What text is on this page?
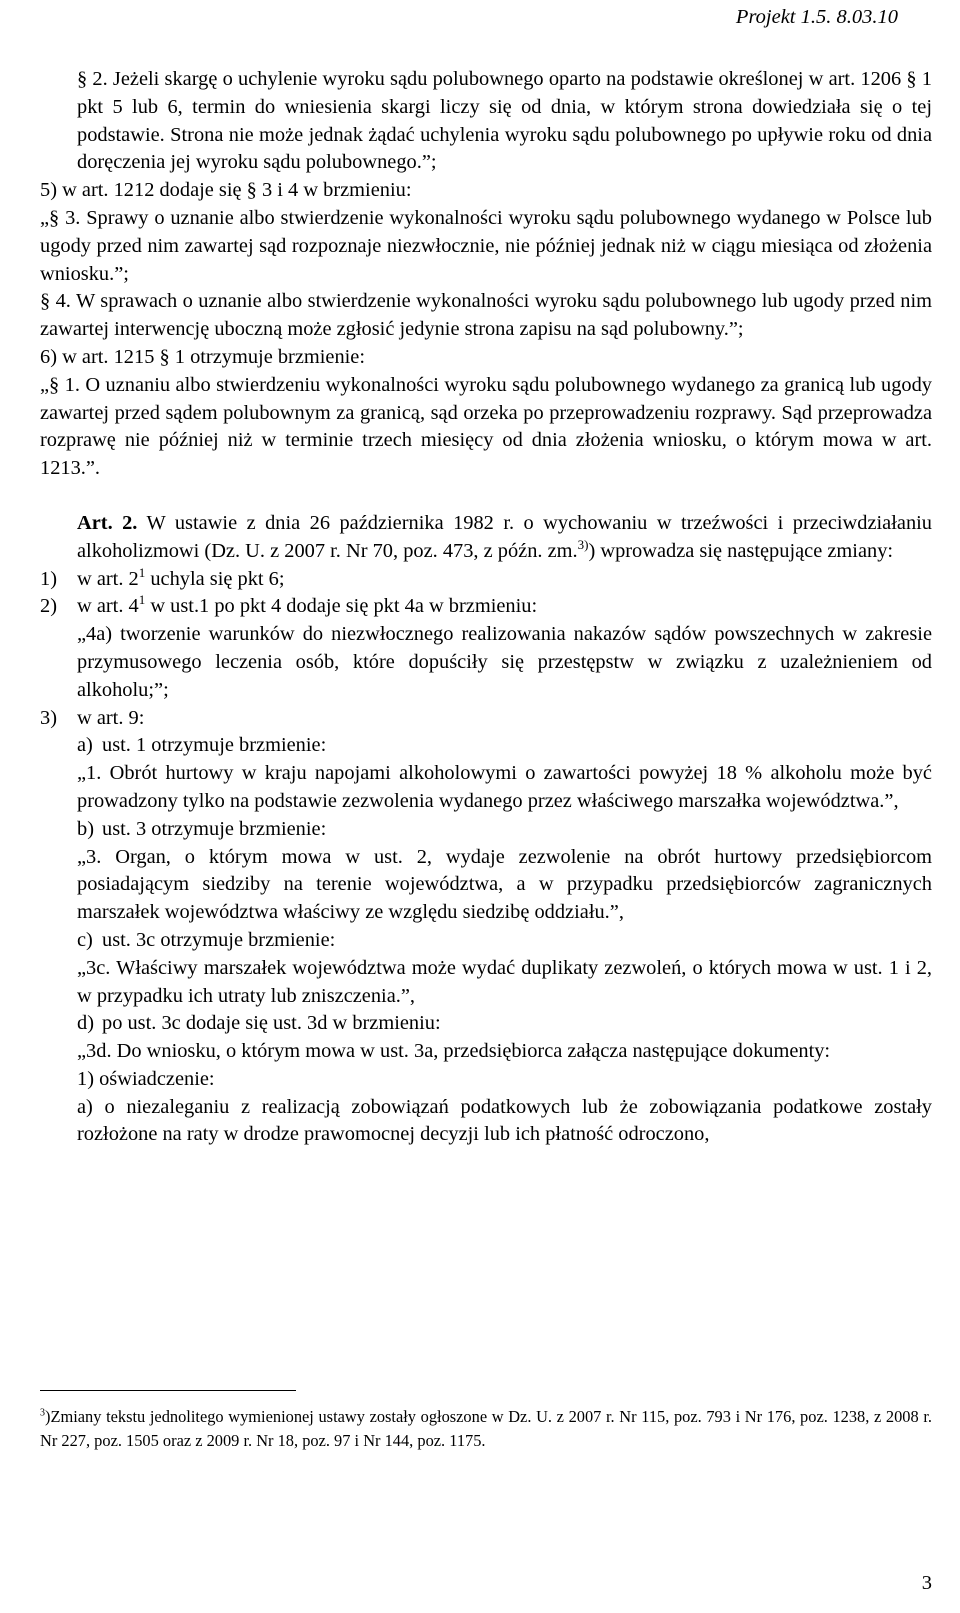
Projekt 1.5. 8.03.10

§ 2. Jeżeli skargę o uchylenie wyroku sądu polubownego oparto na podstawie określonej w art. 1206 § 1 pkt 5 lub 6, termin do wniesienia skargi liczy się od dnia, w którym strona dowiedziała się o tej podstawie. Strona nie może jednak żądać uchylenia wyroku sądu polubownego po upływie roku od dnia doręczenia jej wyroku sądu polubownego.”;

5) w art. 1212 dodaje się § 3 i 4 w brzmieniu:

„§ 3. Sprawy o uznanie albo stwierdzenie wykonalności wyroku sądu polubownego wydanego w Polsce lub ugody przed nim zawartej sąd rozpoznaje niezwłocznie, nie później jednak niż w ciągu miesiąca od złożenia wniosku.”;

§ 4. W sprawach o uznanie albo stwierdzenie wykonalności wyroku sądu polubownego lub ugody przed nim zawartej interwencję uboczną może zgłosić jedynie strona zapisu na sąd polubowny.”;

6) w art. 1215 § 1 otrzymuje brzmienie:

„§ 1. O uznaniu albo stwierdzeniu wykonalności wyroku sądu polubownego wydanego za granicą lub ugody zawartej przed sądem polubownym za granicą, sąd orzeka po przeprowadzeniu rozprawy. Sąd przeprowadza rozprawę nie później niż w terminie trzech miesięcy od dnia złożenia wniosku, o którym mowa w art. 1213.”.

Art. 2. W ustawie z dnia 26 października 1982 r. o wychowaniu w trzeźwości i przeciwdziałaniu alkoholizmowi (Dz. U. z 2007 r. Nr 70, poz. 473, z późn. zm.$^{3)}$) wprowadza się następujące zmiany:

1) w art. $2^1$ uchyla się pkt 6;
2) w art. $4^1$ w ust.1 po pkt 4 dodaje się pkt 4a w brzmieniu:

„4a) tworzenie warunków do niezwłocznego realizowania nakazów sądów powszechnych w zakresie przymusowego leczenia osób, które dopuściły się przestępstw w związku z uzależnieniem od alkoholu;”;

3) w art. 9:
a) ust. 1 otrzymuje brzmienie:

„1. Obrót hurtowy w kraju napojami alkoholowymi o zawartości powyżej 18 % alkoholu może być prowadzony tylko na podstawie zezwolenia wydanego przez właściwego marszałka województwa.”,

b) ust. 3 otrzymuje brzmienie:

„3. Organ, o którym mowa w ust. 2, wydaje zezwolenie na obrót hurtowy przedsiębiorcom posiadającym siedziby na terenie województwa, a w przypadku przedsiębiorców zagranicznych marszałek województwa właściwy ze względu siedzibę oddziału.”,

c) ust. 3c otrzymuje brzmienie:

„3c. Właściwy marszałek województwa może wydać duplikaty zezwoleń, o których mowa w ust. 1 i 2, w przypadku ich utraty lub zniszczenia.”,

d) po ust. 3c dodaje się ust. 3d w brzmieniu:

„3d. Do wniosku, o którym mowa w ust. 3a, przedsiębiorca załącza następujące dokumenty:

1) oświadczenie:

a) o niezaleganiu z realizacją zobowiązań podatkowych lub że zobowiązania podatkowe zostały rozłożone na raty w drodze prawomocnej decyzji lub ich płatność odroczono,

$^3$)Zmiany tekstu jednolitego wymienionej ustawy zostały ogłoszone w Dz. U. z 2007 r. Nr 115, poz. 793 i Nr 176, poz. 1238, z 2008 r. Nr 227, poz. 1505 oraz z 2009 r. Nr 18, poz. 97 i Nr 144, poz. 1175.
3
